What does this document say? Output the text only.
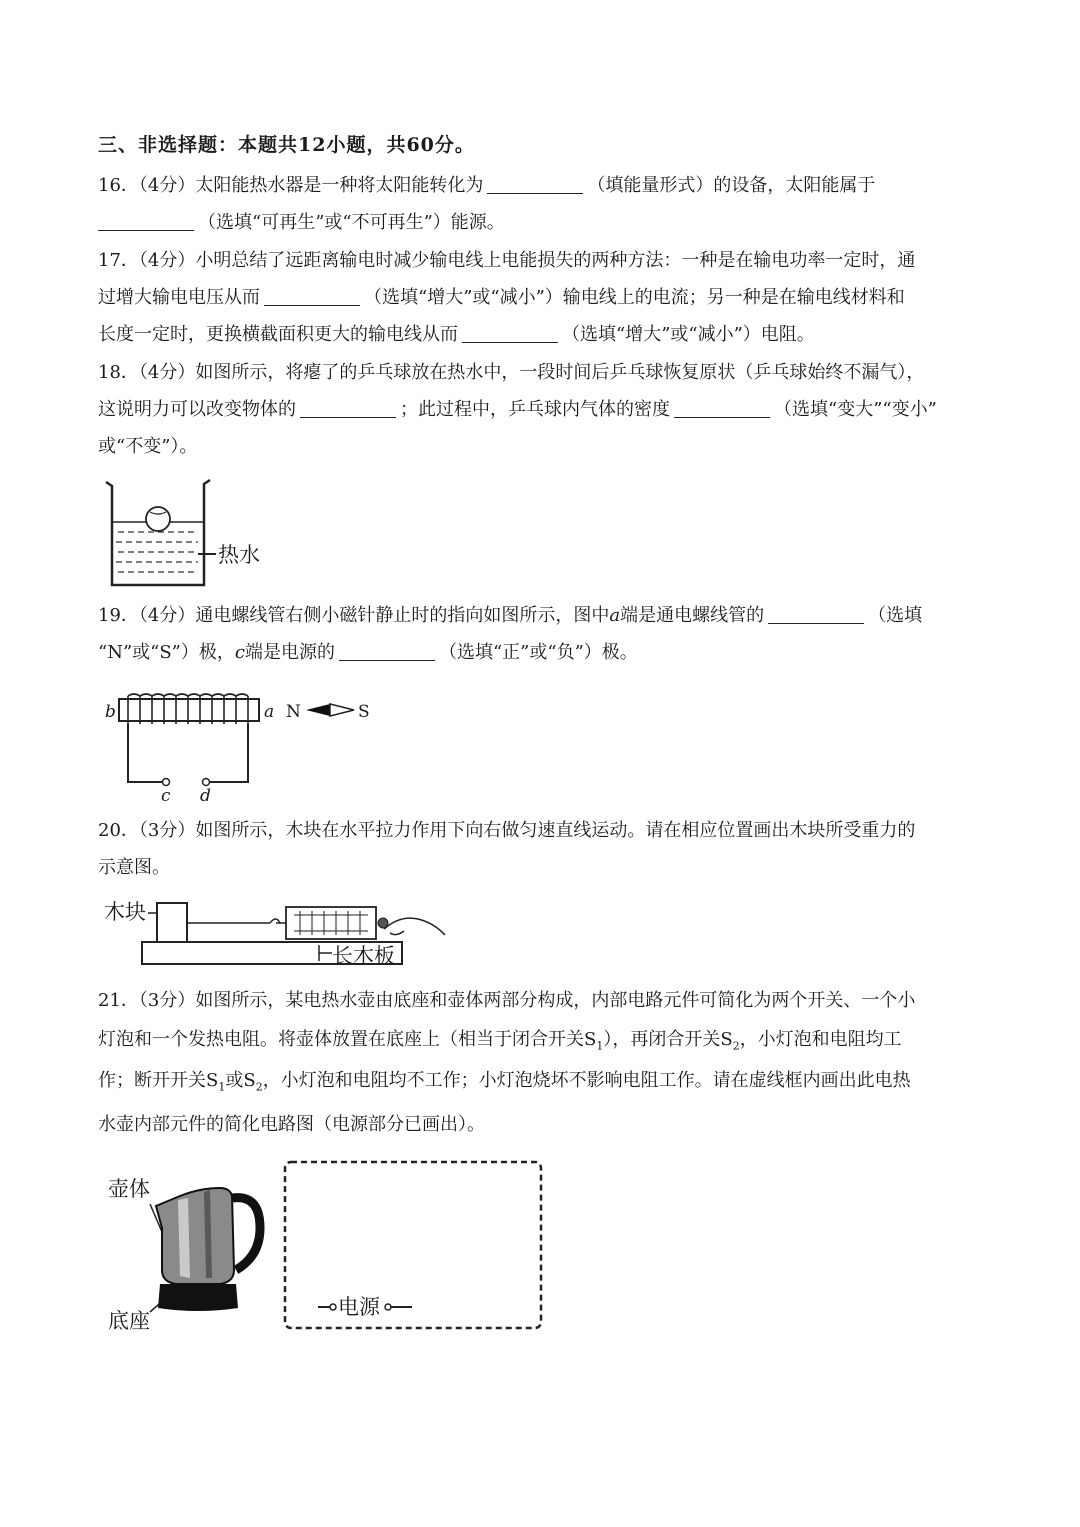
三、非选择题：本题共12小题，共60分。
16．（4分）太阳能热水器是一种将太阳能转化为	（填能量形式）的设备，太阳能属于
（选填“可再生”或“不可再生”）能源。
17．（4分）小明总结了远距离输电时减少输电线上电能损失的两种方法：一种是在输电功率一定时，通
过增大输电电压从而	（选填“增大”或“减小”）输电线上的电流；另一种是在输电线材料和
长度一定时，更换横截面积更大的输电线从而	（选填“增大”或“减小”）电阻。
18．（4分）如图所示，将瘪了的乒乓球放在热水中，一段时间后乒乓球恢复原状（乒乓球始终不漏气），
这说明力可以改变物体的	；此过程中，乒乓球内气体的密度	（选填“变大”“变小”
或“不变”）。
热水
19．（4分）通电螺线管右侧小磁针静止时的指向如图所示，图中a端是通电螺线管的	（选填
“N”或“S”）极，c端是电源的	（选填“正”或“负”）极。
b	a N	S
c d
20．（3分）如图所示，木块在水平拉力作用下向右做匀速直线运动。请在相应位置画出木块所受重力的
示意图。
木块
长木板
21．（3分）如图所示，某电热水壶由底座和壶体两部分构成，内部电路元件可简化为两个开关、一个小
灯泡和一个发热电阻。将壶体放置在底座上（相当于闭合开关$S_1$），再闭合开关$S_2$，小灯泡和电阻均工
作；断开开关$S_1$或$S_2$，小灯泡和电阻均不工作；小灯泡烧坏不影响电阻工作。请在虚线框内画出此电热
水壶内部元件的简化电路图（电源部分已画出）。
壶体
底座
电源
